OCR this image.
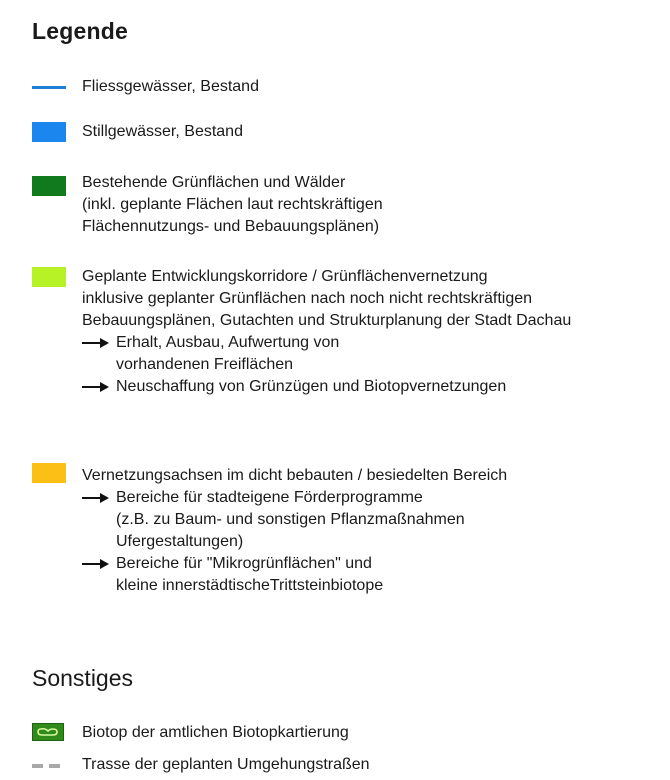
Legende
Fliessgewässer, Bestand
Stillgewässer, Bestand
Bestehende Grünflächen und Wälder
(inkl. geplante Flächen laut rechtskräftigen
Flächennutzungs- und Bebauungsplänen)
Geplante Entwicklungskorridore / Grünflächenvernetzung
inklusive geplanter Grünflächen nach noch nicht rechtskräftigen
Bebauungsplänen, Gutachten und Strukturplanung der Stadt Dachau
Erhalt, Ausbau, Aufwertung von
vorhandenen Freiflächen
Neuschaffung von Grünzügen und Biotopvernetzungen
Vernetzungsachsen im dicht bebauten / besiedelten Bereich
Bereiche für stadteigene Förderprogramme
(z.B. zu Baum- und sonstigen Pflanzmaßnahmen
Ufergestaltungen)
Bereiche für "Mikrogrünflächen" und
kleine innerstädtischeTrittsteinbiotope
Sonstiges
Biotop der amtlichen Biotopkartierung
Trasse der geplanten Umgehungstraßen
